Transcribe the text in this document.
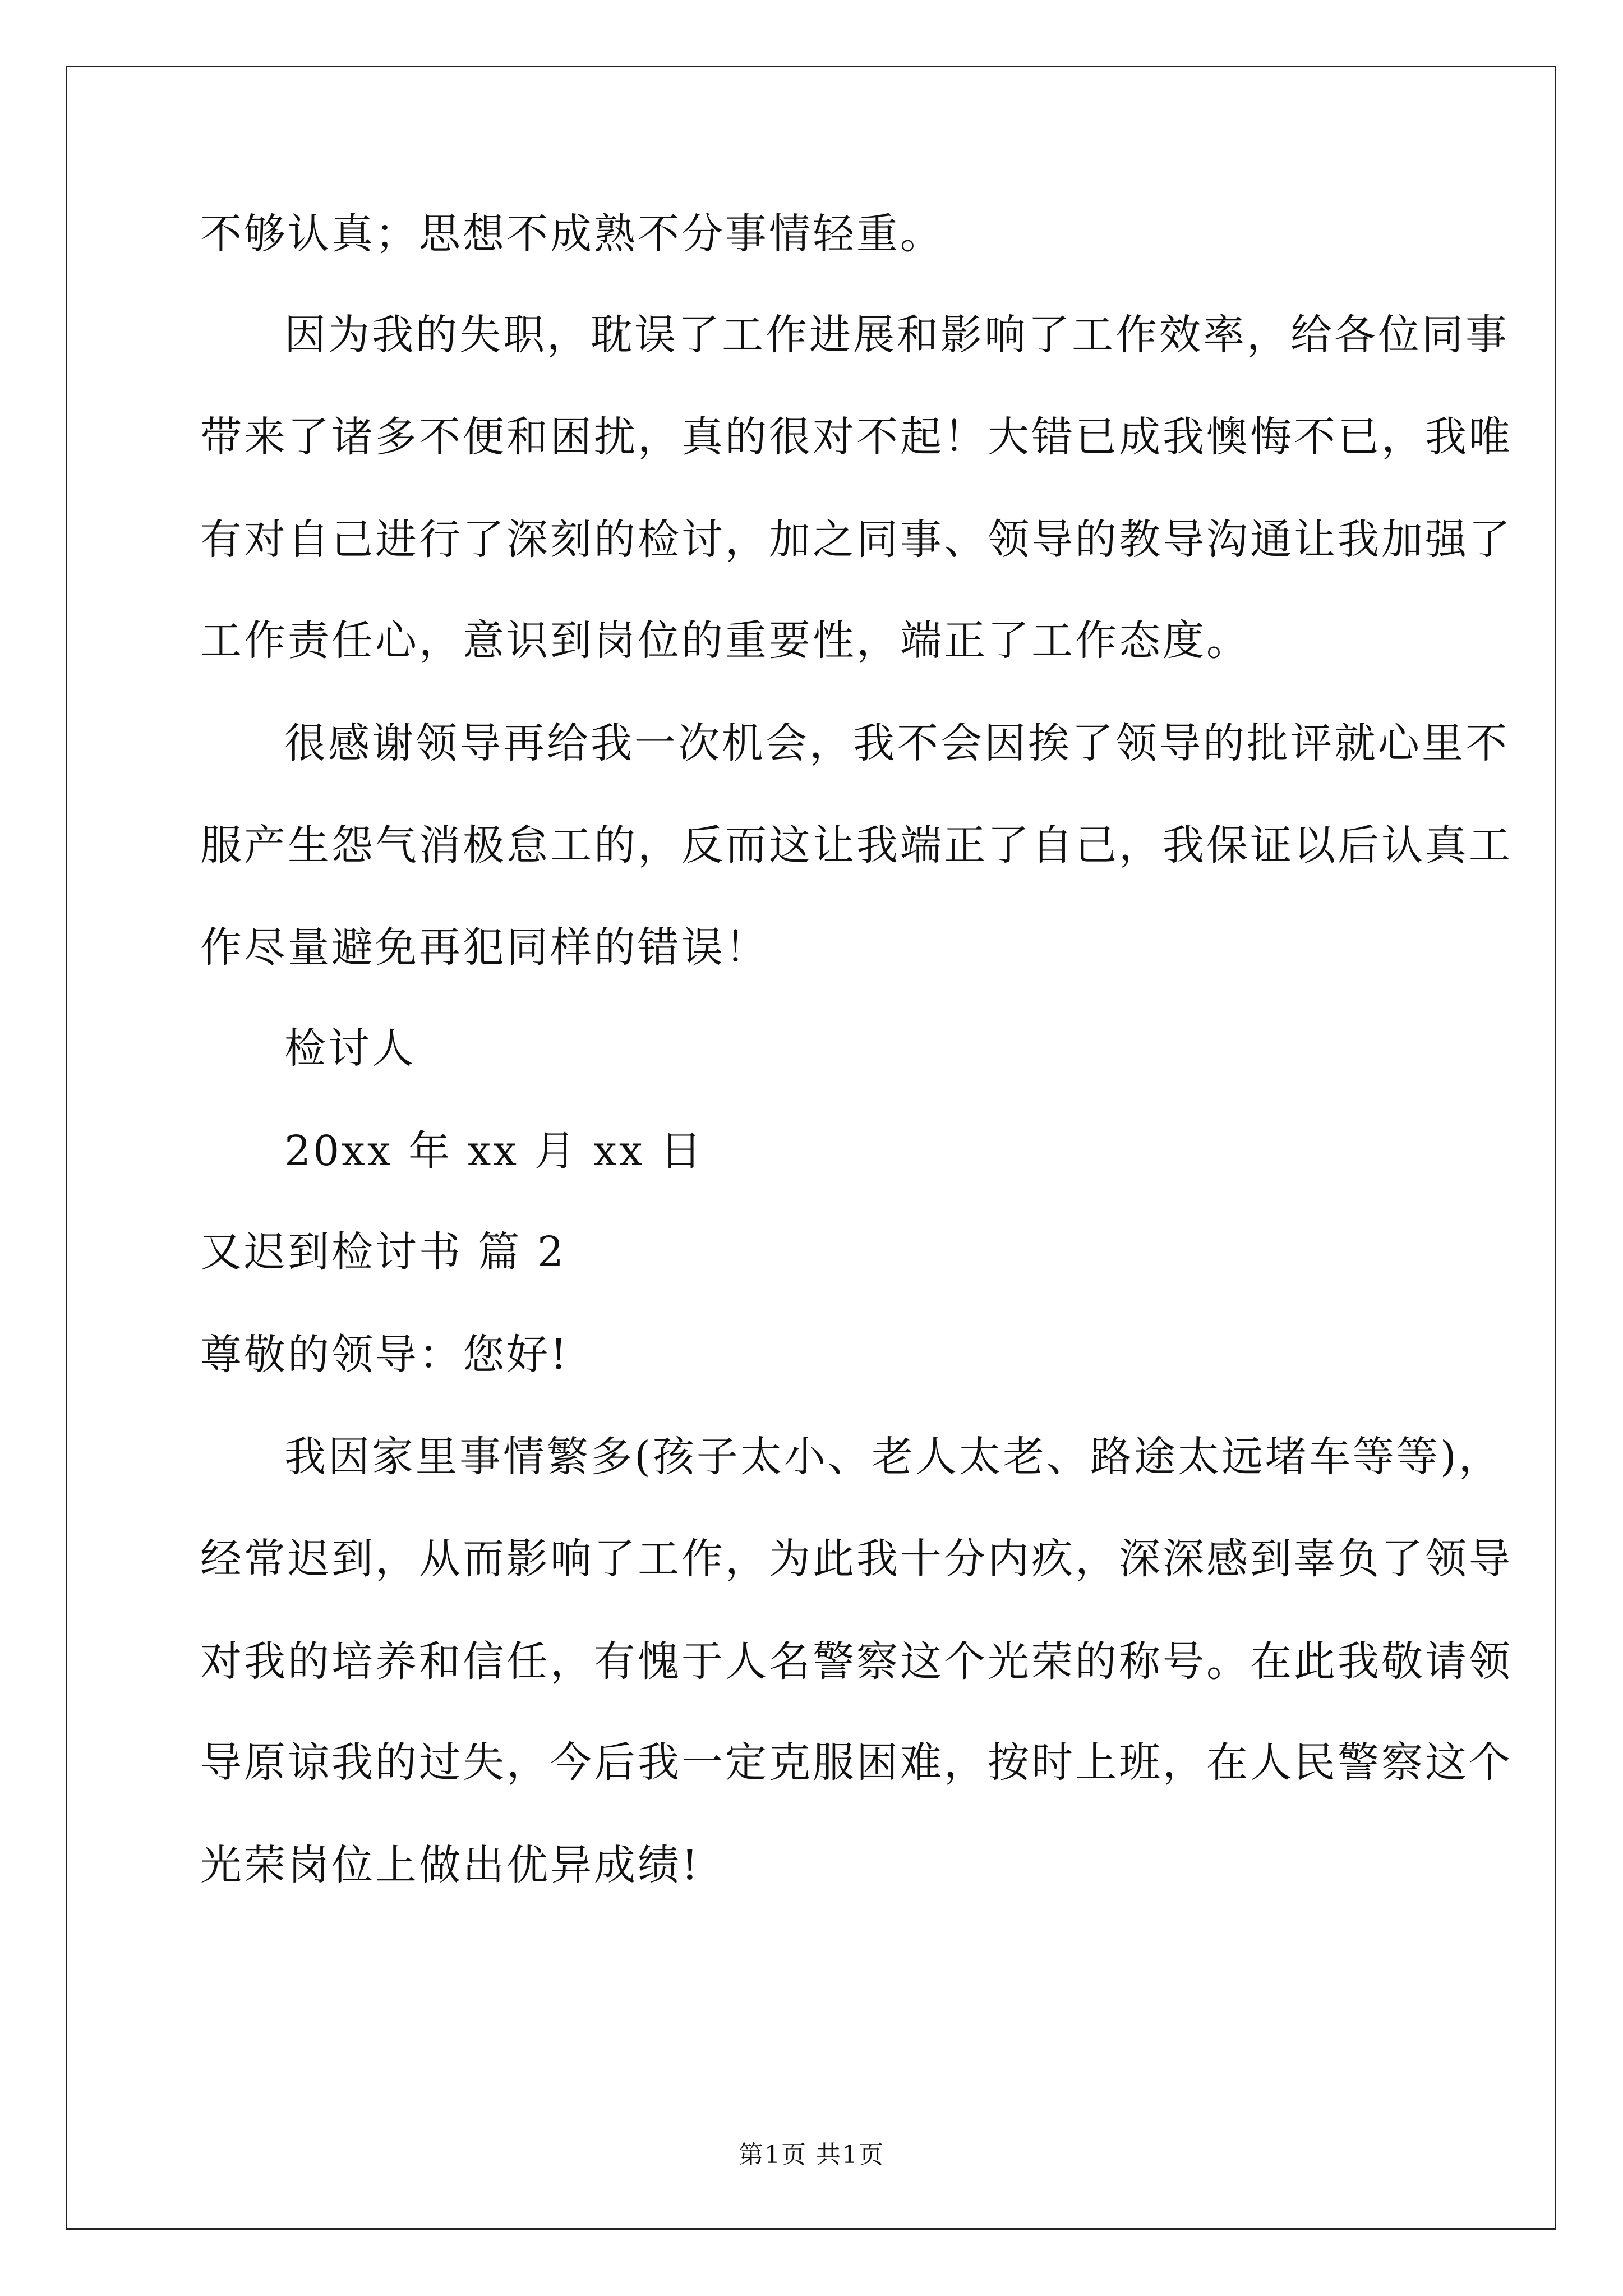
不够认真；思想不成熟不分事情轻重。
因为我的失职，耽误了工作进展和影响了工作效率，给各位同事
带来了诸多不便和困扰，真的很对不起！大错已成我懊悔不已，我唯
有对自己进行了深刻的检讨，加之同事、领导的教导沟通让我加强了
工作责任心，意识到岗位的重要性，端正了工作态度。
很感谢领导再给我一次机会，我不会因挨了领导的批评就心里不
服产生怨气消极怠工的，反而这让我端正了自己，我保证以后认真工
作尽量避免再犯同样的错误！
检讨人
20xx 年 xx 月 xx 日
又迟到检讨书 篇 2
尊敬的领导：您好!
我因家里事情繁多(孩子太小、老人太老、路途太远堵车等等)，
经常迟到，从而影响了工作，为此我十分内疚，深深感到辜负了领导
对我的培养和信任，有愧于人名警察这个光荣的称号。在此我敬请领
导原谅我的过失，今后我一定克服困难，按时上班，在人民警察这个
光荣岗位上做出优异成绩!
第1页 共1页
